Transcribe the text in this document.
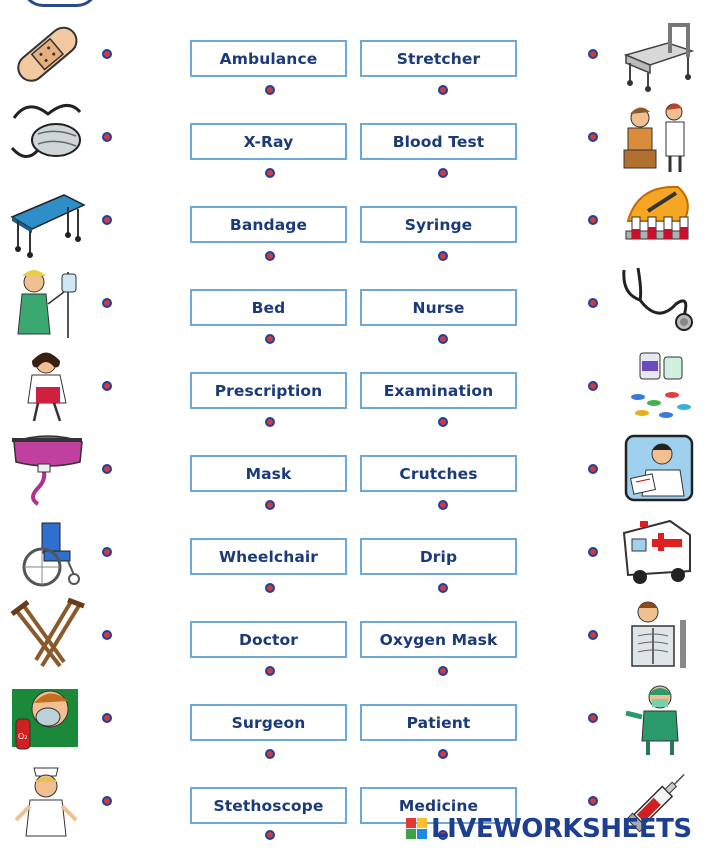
Ambulance	Stretcher
X-Ray	Blood Test
Bandage	Syringe
Bed	Nurse
Prescription	Examination
Mask	Crutches
Wheelchair	Drip
Doctor	Oxygen Mask
O₂
Surgeon	Patient
Stethoscope	Medicine
LIVEWORKSHEETS
